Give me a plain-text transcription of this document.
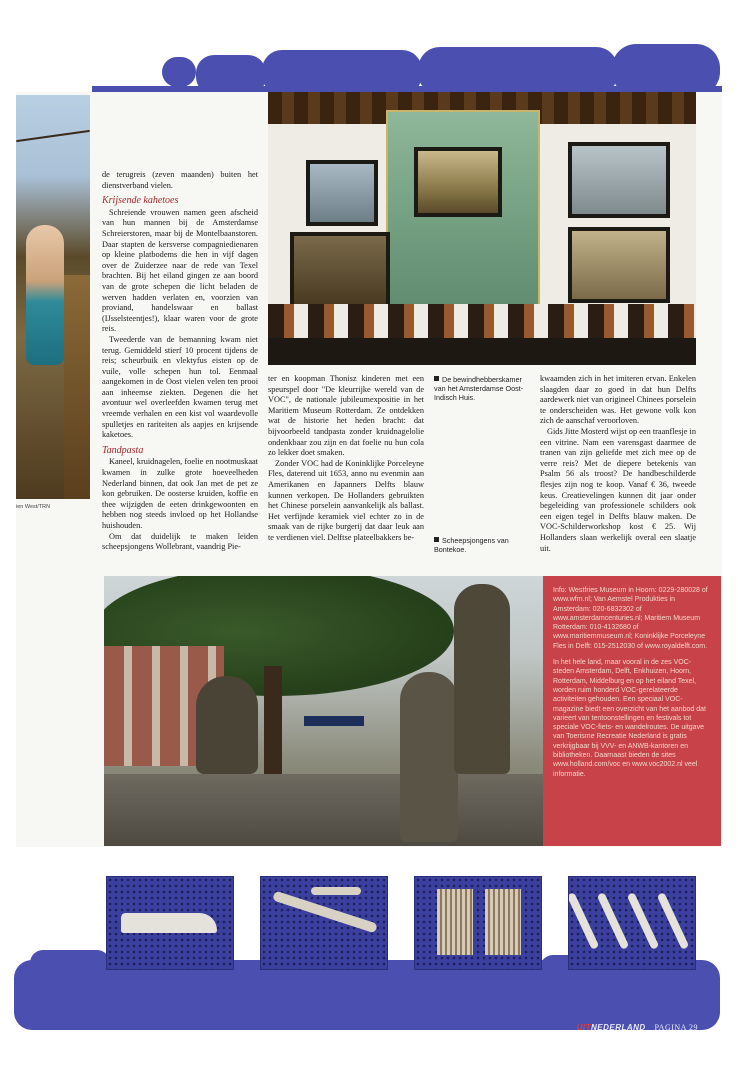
ien West/TRN

de terugreis (zeven maanden) buiten het dienstverband vielen.

Krijsende kahetoes

Schreiende vrouwen namen geen afscheid van hun mannen bij de Amsterdamse Schreierstoren, maar bij de Montelbaanstoren. Daar stapten de kersverse compagniedienaren op kleine platbodems die hen in vijf dagen over de Zuiderzee naar de rede van Texel brachten. Bij het eiland gingen ze aan boord van de grote schepen die licht beladen de werven hadden verlaten en, voorzien van proviand, handelswaar en ballast (IJsselsteentjes!), klaar waren voor de grote reis.

Tweederde van de bemanning kwam niet terug. Gemiddeld stierf 10 procent tijdens de reis; scheurbuik en vlektyfus eisten op de vuile, volle schepen hun tol. Eenmaal aangekomen in de Oost vielen velen ten prooi aan inheemse ziekten. Degenen die het avontuur wel overleefden kwamen terug met vreemde verhalen en een kist vol waardevolle spulletjes en rariteiten als aapjes en krijsende kaketoes.

Tandpasta

Kaneel, kruidnagelen, foelie en nootmuskaat kwamen in zulke grote hoeveelheden Nederland binnen, dat ook Jan met de pet ze kon gebruiken. De oosterse kruiden, koffie en thee wijzigden de eeten drinkgewoonten en hebben nog steeds invloed op het Hollandse huishouden.

Om dat duidelijk te maken leiden scheepsjongens Wollebrant, vaandrig Pie-

ter en koopman Thonisz kinderen met een speurspel door "De kleurrijke wereld van de VOC", de nationale jubileumexpositie in het Maritiem Museum Rotterdam. Ze ontdekken wat de historie het heden bracht: dat bijvoorbeeld tandpasta zonder kruidnagelolie ondenkbaar zou zijn en dat foelie nu hun cola zo lekker doet smaken.

Zonder VOC had de Koninklijke Porceleyne Fles, daterend uit 1653, anno nu evenmin aan Amerikanen en Japanners Delfts blauw kunnen verkopen. De Hollanders gebruikten het Chinese porselein aanvankelijk als ballast. Het verfijnde keramiek viel echter zo in de smaak van de rijke burgerij dat daar leuk aan te verdienen viel. Delftse plateelbakkers be-

De bewindhebberskamer van het Amsterdamse Oost-Indisch Huis.
Scheepsjongens van Bontekoe.

kwaamden zich in het imiteren ervan. Enkelen slaagden daar zo goed in dat hun Delfts aardewerk niet van origineel Chinees porselein te onderscheiden was. Het gewone volk kon zich de aanschaf veroorloven.

Gids Jitte Mosterd wijst op een traanflesje in een vitrine. Nam een varensgast daarmee de tranen van zijn geliefde met zich mee op de verre reis? Met de diepere betekenis van Psalm 56 als troost? De handbeschilderde flesjes zijn nog te koop. Vanaf € 36, tweede keus. Creatievelingen kunnen dit jaar onder begeleiding van professionele schilders ook een eigen tegel in Delfts blauw maken. De VOC-Schilderworkshop kost € 25. Wij Hollanders slaan werkelijk overal een slaatje uit.

Info: Westfries Museum in Hoorn: 0229-280028 of www.wfm.nl; Van Aemstel Produkties in Amsterdam: 020-6832302 of www.amsterdamcenturies.nl; Maritiem Museum Rotterdam: 010-4132680 of www.maritiemmuseum.nl; Koninklijke Porceleyne Fles in Delft: 015-2512030 of www.royaldelft.com.

In het hele land, maar vooral in de zes VOC-steden Amsterdam, Delft, Enkhuizen, Hoorn, Rotterdam, Middelburg en op het eiland Texel, worden ruim honderd VOC-gerelateerde activiteiten gehouden. Een speciaal VOC-magazine biedt een overzicht van het aanbod dat varieert van tentoonstellingen en festivals tot speciale VOC-fiets- en wandelroutes. De uitgave van Toerisme Recreatie Nederland is gratis verkrijgbaar bij VVV- en ANWB-kantoren en bibliotheken. Daarnaast bieden de sites www.holland.com/voc en www.voc2002.nl veel informatie.

UITNEDERLAND PAGINA 29
